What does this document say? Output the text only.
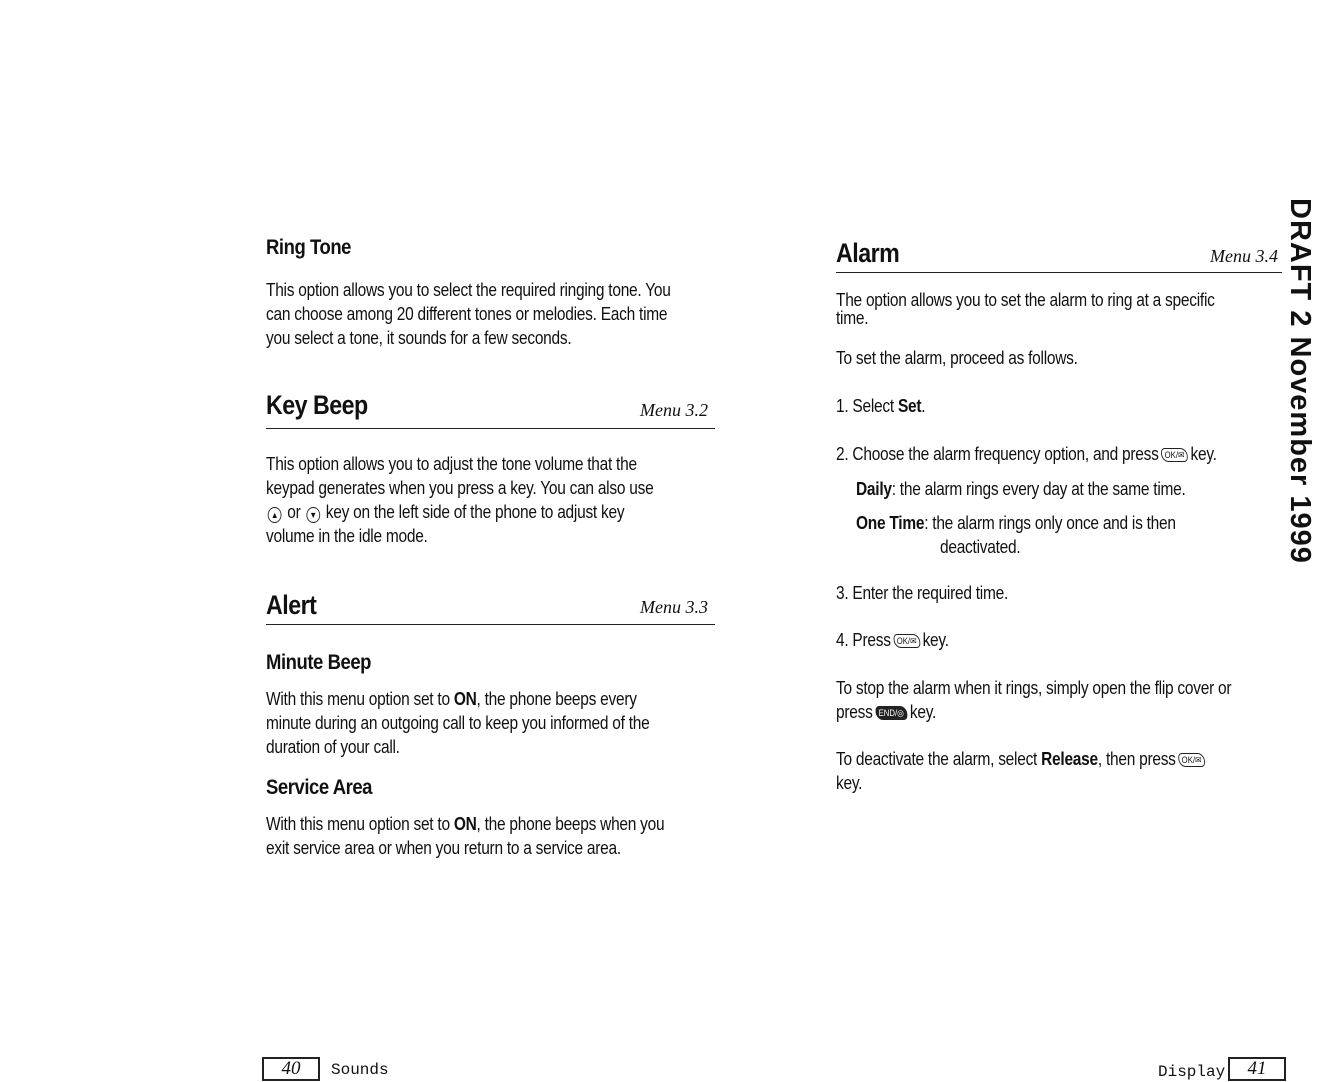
Ring Tone
This option allows you to select the required ringing tone. You
can choose among 20 different tones or melodies. Each time
you select a tone, it sounds for a few seconds.
Key Beep	Menu 3.2
This option allows you to adjust the tone volume that the
keypad generates when you press a key. You can also use
▲ or ▼ key on the left side of the phone to adjust key
volume in the idle mode.
Alert	Menu 3.3
Minute Beep
With this menu option set to ON, the phone beeps every
minute during an outgoing call to keep you informed of the
duration of your call.
Service Area
With this menu option set to ON, the phone beeps when you
exit service area or when you return to a service area.
Alarm	Menu 3.4
The option allows you to set the alarm to ring at a specific
time.
To set the alarm, proceed as follows.
1. Select Set.
2. Choose the alarm frequency option, and press OK/✉ key.
Daily: the alarm rings every day at the same time.
One Time: the alarm rings only once and is then
deactivated.
3. Enter the required time.
4. Press OK/✉ key.
To stop the alarm when it rings, simply open the flip cover or
press END/◎ key.
To deactivate the alarm, select Release, then press OK/✉
key.
40	Sounds	Display	41
DRAFT 2 November 1999
